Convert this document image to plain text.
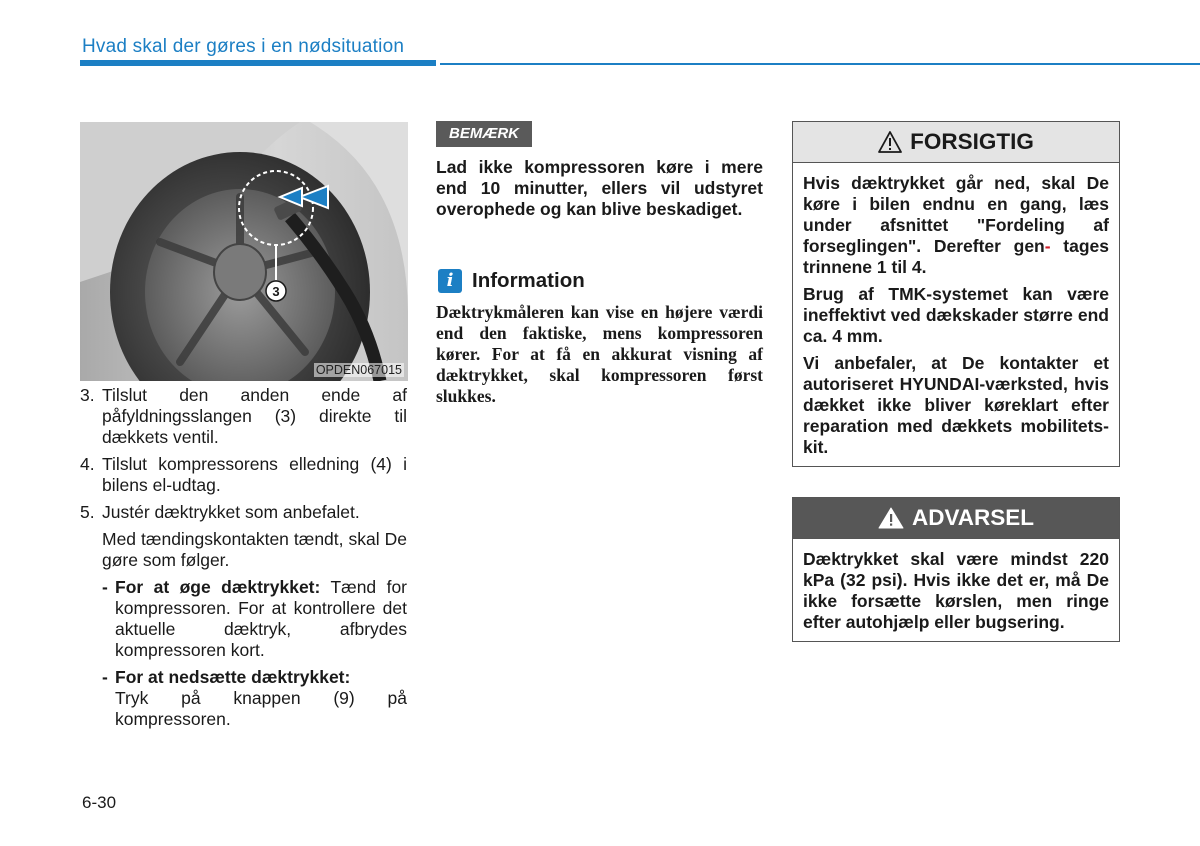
Hvad skal der gøres i en nødsituation
3
OPDEN067015
3. Tilslut den anden ende af påfyldningsslangen (3) direkte til dækkets ventil.
4. Tilslut kompressorens elledning (4) i bilens el-udtag.
5. Justér dæktrykket som anbefalet.
Med tændingskontakten tændt, skal De gøre som følger.
- For at øge dæktrykket: Tænd for kompressoren. For at kontrollere det aktuelle dæktryk, afbrydes kompressoren kort.
- For at nedsætte dæktrykket:
Tryk på knappen (9) på kompressoren.
BEMÆRK
Lad ikke kompressoren køre i mere end 10 minutter, ellers vil udstyret overophede og kan blive beskadiget.
i Information
Dæktrykmåleren kan vise en højere værdi end den faktiske, mens kompressoren kører. For at få en akkurat visning af dæktrykket, skal kompressoren først slukkes.
FORSIGTIG

Hvis dæktrykket går ned, skal De køre i bilen endnu en gang, læs under afsnittet "Fordeling af forseglingen". Derefter gen- tages trinnene 1 til 4.

Brug af TMK-systemet kan være ineffektivt ved dækskader større end ca. 4 mm.

Vi anbefaler, at De kontakter et autoriseret HYUNDAI-værksted, hvis dækket ikke bliver køreklart efter reparation med dækkets mobilitets-kit.

ADVARSEL

Dæktrykket skal være mindst 220 kPa (32 psi). Hvis ikke det er, må De ikke forsætte kørslen, men ringe efter autohjælp eller bugsering.

6-30
